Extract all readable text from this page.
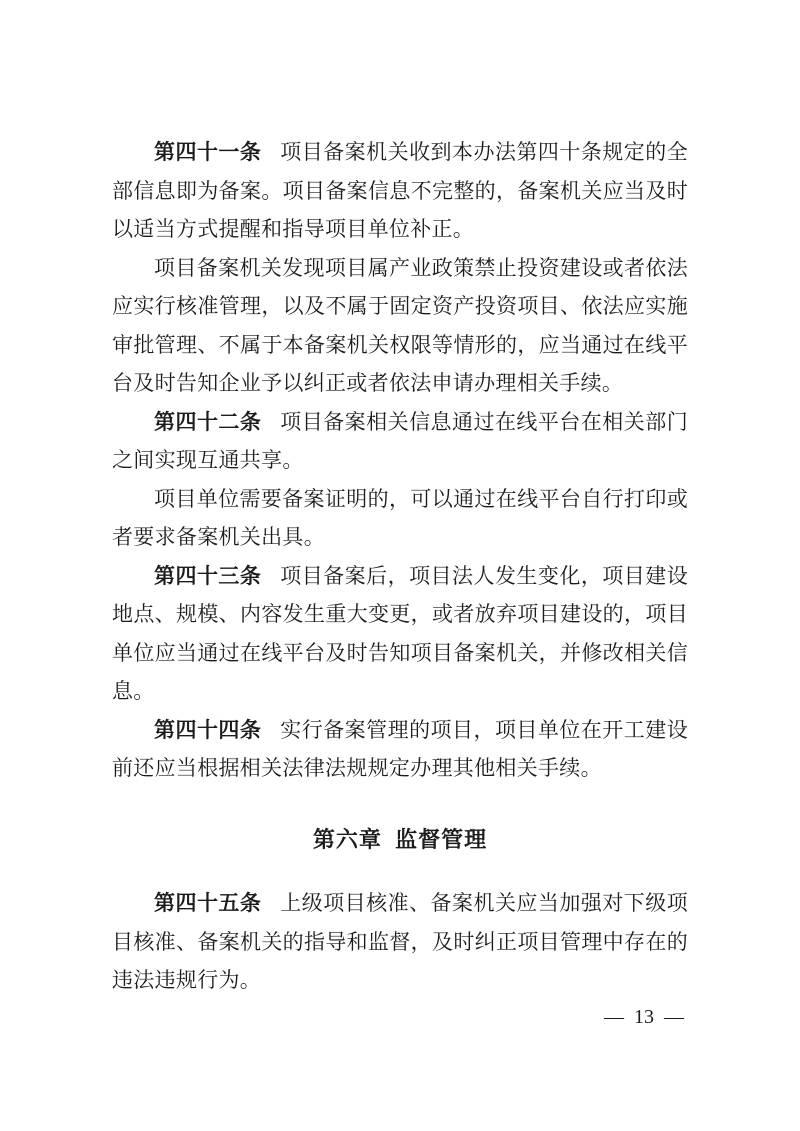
第四十一条 项目备案机关收到本办法第四十条规定的全部信息即为备案。项目备案信息不完整的，备案机关应当及时以适当方式提醒和指导项目单位补正。

项目备案机关发现项目属产业政策禁止投资建设或者依法应实行核准管理，以及不属于固定资产投资项目、依法应实施审批管理、不属于本备案机关权限等情形的，应当通过在线平台及时告知企业予以纠正或者依法申请办理相关手续。

第四十二条 项目备案相关信息通过在线平台在相关部门之间实现互通共享。

项目单位需要备案证明的，可以通过在线平台自行打印或者要求备案机关出具。

第四十三条 项目备案后，项目法人发生变化，项目建设地点、规模、内容发生重大变更，或者放弃项目建设的，项目单位应当通过在线平台及时告知项目备案机关，并修改相关信息。

第四十四条 实行备案管理的项目，项目单位在开工建设前还应当根据相关法律法规规定办理其他相关手续。

第六章 监督管理

第四十五条 上级项目核准、备案机关应当加强对下级项目核准、备案机关的指导和监督，及时纠正项目管理中存在的违法违规行为。

— 13 —
